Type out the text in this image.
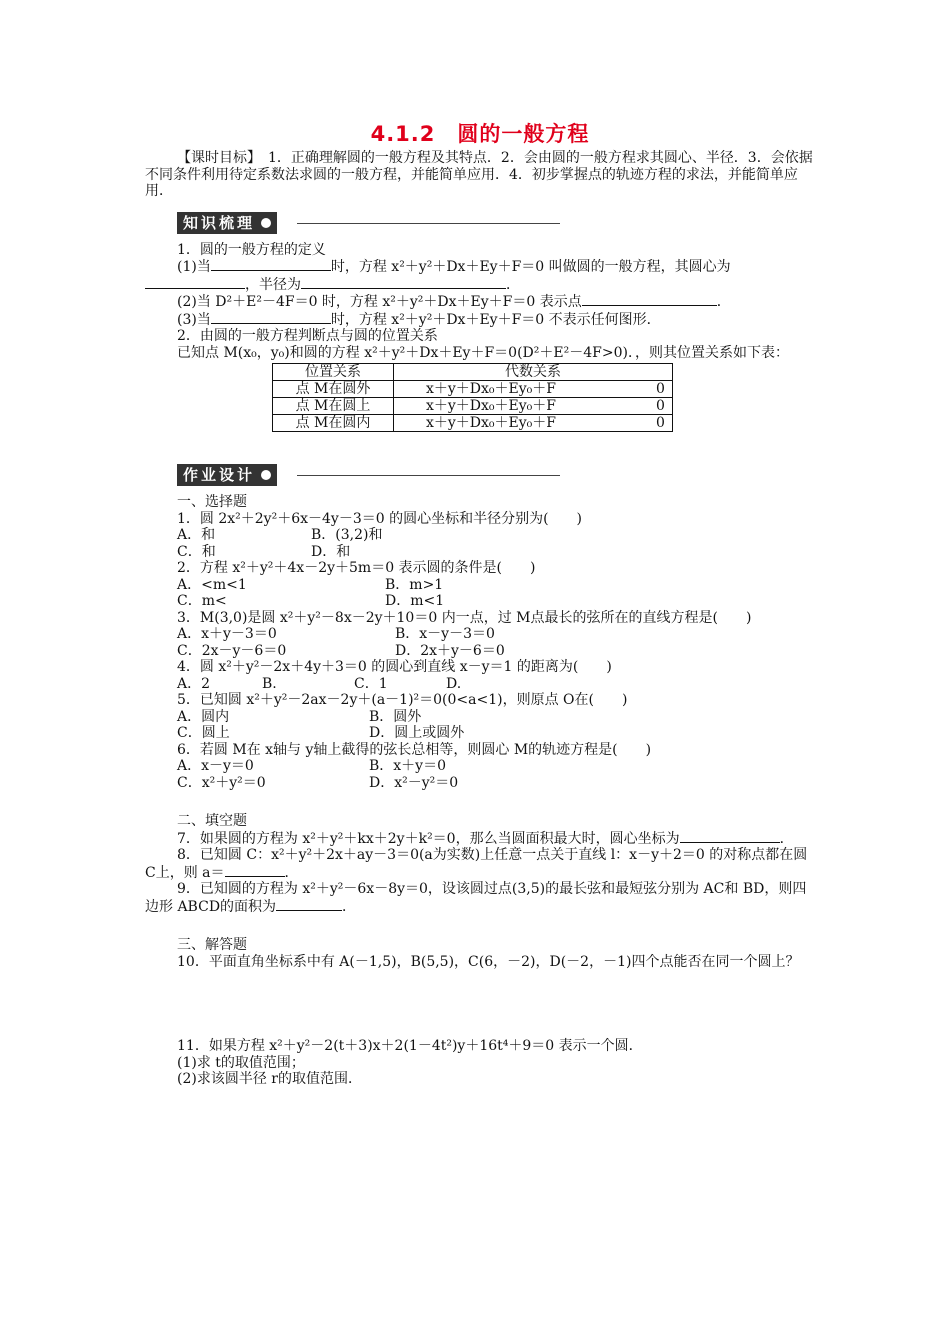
4.1.2　圆的一般方程

【课时目标】　1．正确理解圆的一般方程及其特点．2．会由圆的一般方程求其圆心、半径．3．会依据不同条件利用待定系数法求圆的一般方程，并能简单应用．4．初步掌握点的轨迹方程的求法，并能简单应用．

知识梳理

1．圆的一般方程的定义

(1)当	时，方程 x²＋y²＋Dx＋Ey＋F＝0 叫做圆的一般方程，其圆心为

，半径为	．

(2)当 D²＋E²－4F＝0 时，方程 x²＋y²＋Dx＋Ey＋F＝0 表示点	．

(3)当	时，方程 x²＋y²＋Dx＋Ey＋F＝0 不表示任何图形．

2．由圆的一般方程判断点与圆的位置关系

已知点 M(x₀，y₀)和圆的方程 x²＋y²＋Dx＋Ey＋F＝0(D²＋E²－4F>0)．，则其位置关系如下表：

位置关系	代数关系
点 M在圆外	x＋y＋Dx₀＋Ey₀＋F 0
点 M在圆上	x＋y＋Dx₀＋Ey₀＋F 0
点 M在圆内	x＋y＋Dx₀＋Ey₀＋F 0
作业设计

一、选择题

1．圆 2x²＋2y²＋6x－4y－3＝0 的圆心坐标和半径分别为(　　)

A．和	B．(3,2)和
C．和	D．和

2．方程 x²＋y²＋4x－2y＋5m＝0 表示圆的条件是(　　)

A．<m<1	B．m>1
C．m<	D．m<1

3．M(3,0)是圆 x²＋y²－8x－2y＋10＝0 内一点，过 M点最长的弦所在的直线方程是(　　)

A．x＋y－3＝0	B．x－y－3＝0
C．2x－y－6＝0	D．2x＋y－6＝0

4．圆 x²＋y²－2x＋4y＋3＝0 的圆心到直线 x－y＝1 的距离为(　　)

A．2	B.	C．1	D.

5．已知圆 x²＋y²－2ax－2y＋(a－1)²＝0(0<a<1)，则原点 O在(　　)

A．圆内	B．圆外
C．圆上	D．圆上或圆外

6．若圆 M在 x轴与 y轴上截得的弦长总相等，则圆心 M的轨迹方程是(　　)

A．x－y＝0	B．x＋y＝0
C．x²＋y²＝0	D．x²－y²＝0

二、填空题

7．如果圆的方程为 x²＋y²＋kx＋2y＋k²＝0，那么当圆面积最大时，圆心坐标为	．

8．已知圆 C：x²＋y²＋2x＋ay－3＝0(a为实数)上任意一点关于直线 l：x－y＋2＝0 的对称点都在圆 C上，则 a＝	．

9．已知圆的方程为 x²＋y²－6x－8y＝0，设该圆过点(3,5)的最长弦和最短弦分别为 AC和 BD，则四边形 ABCD的面积为	．

三、解答题

10．平面直角坐标系中有 A(－1,5)，B(5,5)，C(6，－2)，D(－2，－1)四个点能否在同一个圆上？

11．如果方程 x²＋y²－2(t＋3)x＋2(1－4t²)y＋16t⁴＋9＝0 表示一个圆．

(1)求 t的取值范围；

(2)求该圆半径 r的取值范围．
